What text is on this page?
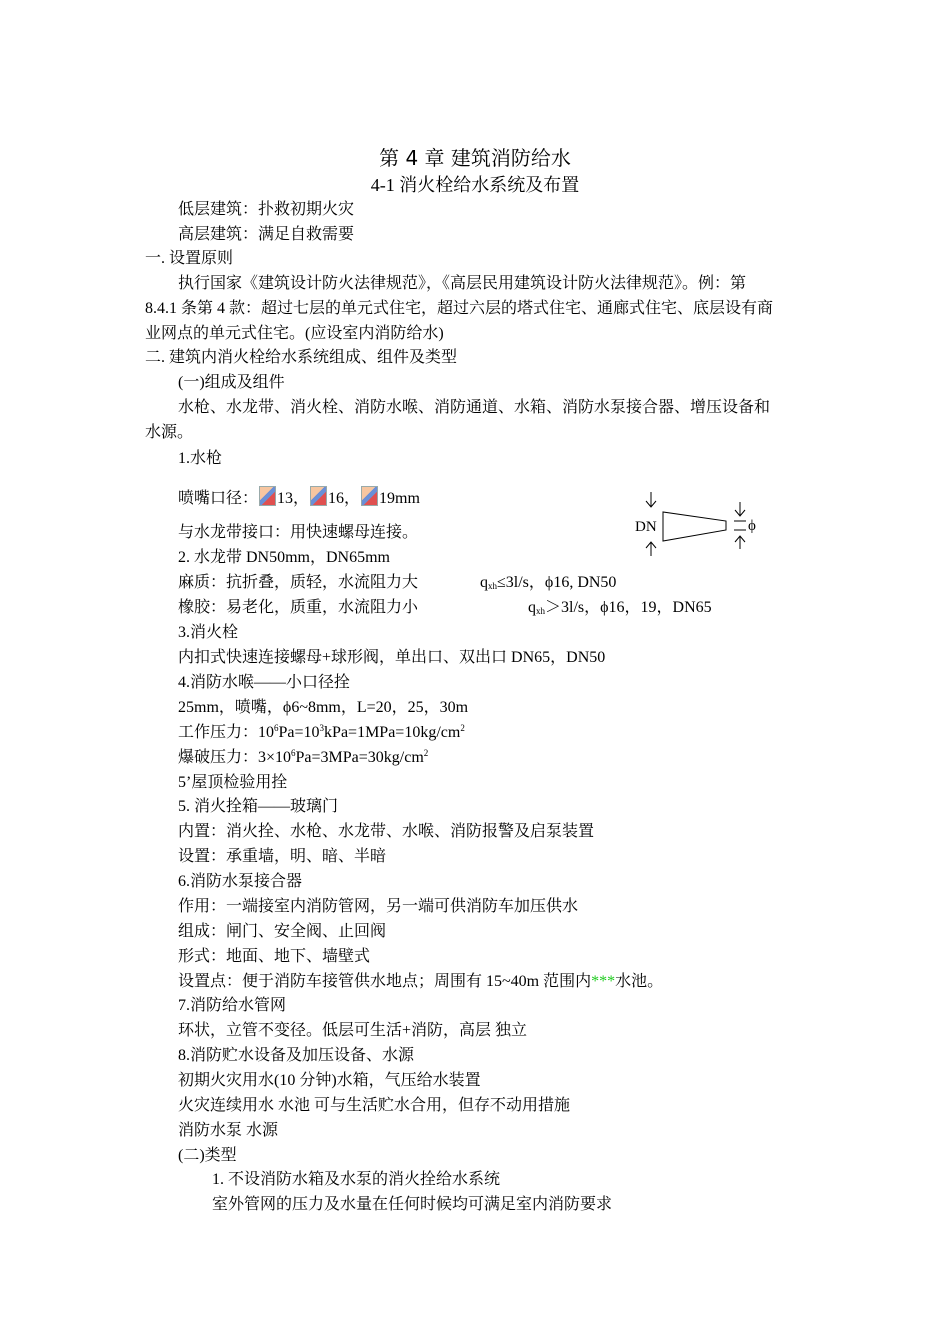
第 4 章 建筑消防给水
4-1 消火栓给水系统及布置
低层建筑：扑救初期火灾
高层建筑：满足自救需要
一. 设置原则
执行国家《建筑设计防火法律规范》，《高层民用建筑设计防火法律规范》。例：第
8.4.1 条第 4 款：超过七层的单元式住宅，超过六层的塔式住宅、通廊式住宅、底层设有商
业网点的单元式住宅。(应设室内消防给水)
二. 建筑内消火栓给水系统组成、组件及类型
(一)组成及组件
水枪、水龙带、消火栓、消防水喉、消防通道、水箱、消防水泵接合器、增压设备和
水源。
1.水枪
喷嘴口径： 13， 16， 19mm
DN	ϕ
与水龙带接口：用快速螺母连接。
2. 水龙带 DN50mm，DN65mm
麻质：抗折叠，质轻，水流阻力大	$q_{xh}\le 3l/s$，ϕ16, DN50
橡胶：易老化，质重，水流阻力小	$q_{xh}>3l/s$，ϕ16，19，DN65
3.消火栓
内扣式快速连接螺母+球形阀，单出口、双出口 DN65，DN50
4.消防水喉——小口径拴
25mm，喷嘴，ϕ6~8mm，L=20，25，30m
工作压力：$10^6Pa=10^3kPa=1MPa=10kg/cm^2$
爆破压力：$3\times 10^6Pa=3MPa=30kg/cm^2$
5’屋顶检验用拴
5. 消火拴箱——玻璃门
内置：消火拴、水枪、水龙带、水喉、消防报警及启泵装置
设置：承重墙，明、暗、半暗
6.消防水泵接合器
作用：一端接室内消防管网，另一端可供消防车加压供水
组成：闸门、安全阀、止回阀
形式：地面、地下、墙壁式
设置点：便于消防车接管供水地点；周围有 15~40m 范围内***水池。
7.消防给水管网
环状，立管不变径。低层可生活+消防，高层 独立
8.消防贮水设备及加压设备、水源
初期火灾用水(10 分钟)水箱，气压给水装置
火灾连续用水 水池 可与生活贮水合用，但存不动用措施
消防水泵 水源
(二)类型
1. 不设消防水箱及水泵的消火拴给水系统
室外管网的压力及水量在任何时候均可满足室内消防要求
